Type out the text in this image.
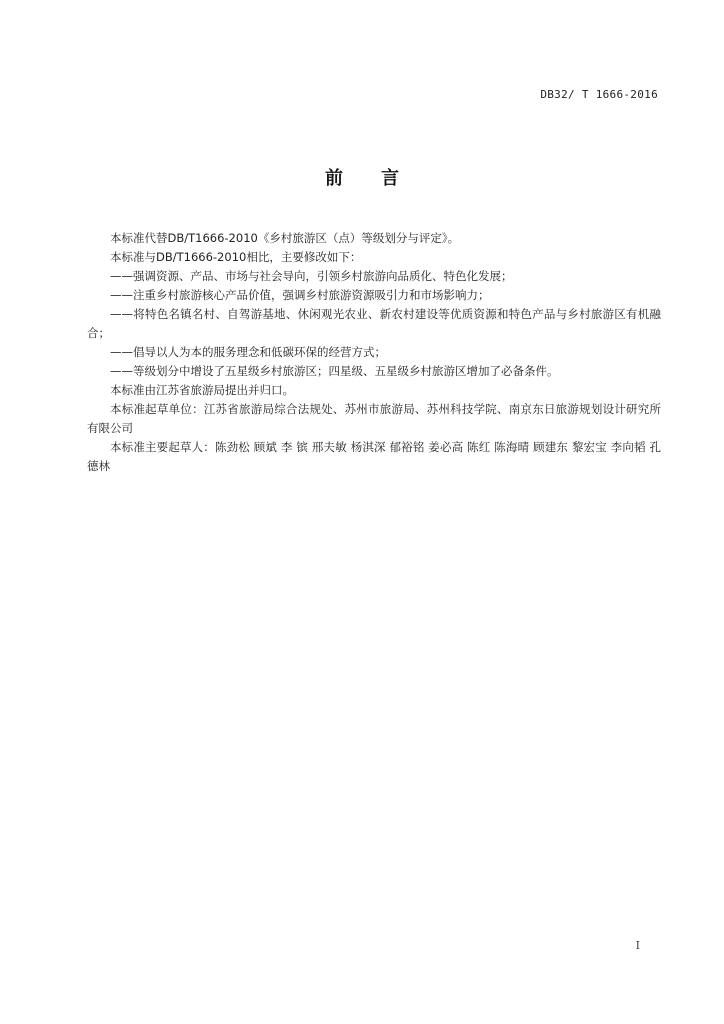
DB32/ T 1666-2016
前 言

本标准代替DB/T1666-2010《乡村旅游区（点）等级划分与评定》。

本标准与DB/T1666-2010相比，主要修改如下：

——强调资源、产品、市场与社会导向，引领乡村旅游向品质化、特色化发展；

——注重乡村旅游核心产品价值，强调乡村旅游资源吸引力和市场影响力；

——将特色名镇名村、自驾游基地、休闲观光农业、新农村建设等优质资源和特色产品与乡村旅游区有机融合；

——倡导以人为本的服务理念和低碳环保的经营方式；

——等级划分中增设了五星级乡村旅游区；四星级、五星级乡村旅游区增加了必备条件。

本标准由江苏省旅游局提出并归口。

本标准起草单位：江苏省旅游局综合法规处、苏州市旅游局、苏州科技学院、南京东日旅游规划设计研究所有限公司

本标准主要起草人：陈劲松 顾斌 李 镔 邢夫敏 杨淇深 郁裕铭 姜必高 陈红 陈海晴 顾建东 黎宏宝 李向韬 孔德林

I
